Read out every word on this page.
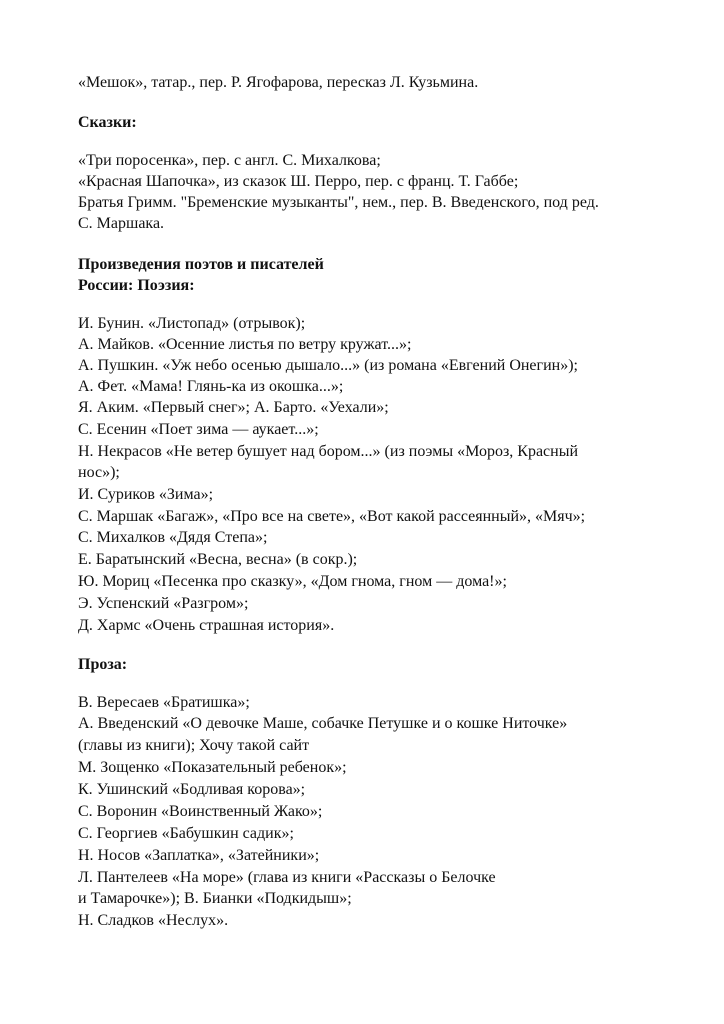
«Мешок», татар., пер. Р. Ягофарова, пересказ Л. Кузьмина.
Сказки:
«Три поросенка», пер. с англ. С. Михалкова;
«Красная Шапочка», из сказок Ш. Перро, пер. с франц. Т. Габбе;
Братья Гримм. "Бременские музыканты", нем., пер. В. Введенского, под ред.
С. Маршака.
Произведения поэтов и писателей
России: Поэзия:
И. Бунин. «Листопад» (отрывок);
А. Майков. «Осенние листья по ветру кружат...»;
А. Пушкин. «Уж небо осенью дышало...» (из романа «Евгений Онегин»);
А. Фет. «Мама! Глянь-ка из окошка...»;
Я. Аким. «Первый снег»; А. Барто. «Уехали»;
С. Есенин «Поет зима — аукает...»;
Н. Некрасов «Не ветер бушует над бором...» (из поэмы «Мороз, Красный
нос»);
И. Суриков «Зима»;
С. Маршак «Багаж», «Про все на свете», «Вот какой рассеянный», «Мяч»;
С. Михалков «Дядя Степа»;
Е. Баратынский «Весна, весна» (в сокр.);
Ю. Мориц «Песенка про сказку», «Дом гнома, гном — дома!»;
Э. Успенский «Разгром»;
Д. Хармс «Очень страшная история».
Проза:
В. Вересаев «Братишка»;
А. Введенский «О девочке Маше, собачке Петушке и о кошке Ниточке»
(главы из книги); Хочу такой сайт
М. Зощенко «Показательный ребенок»;
К. Ушинский «Бодливая корова»;
С. Воронин «Воинственный Жако»;
С. Георгиев «Бабушкин садик»;
Н. Носов «Заплатка», «Затейники»;
Л. Пантелеев «На море» (глава из книги «Рассказы о Белочке
и Тамарочке»); В. Бианки «Подкидыш»;
Н. Сладков «Неслух».
